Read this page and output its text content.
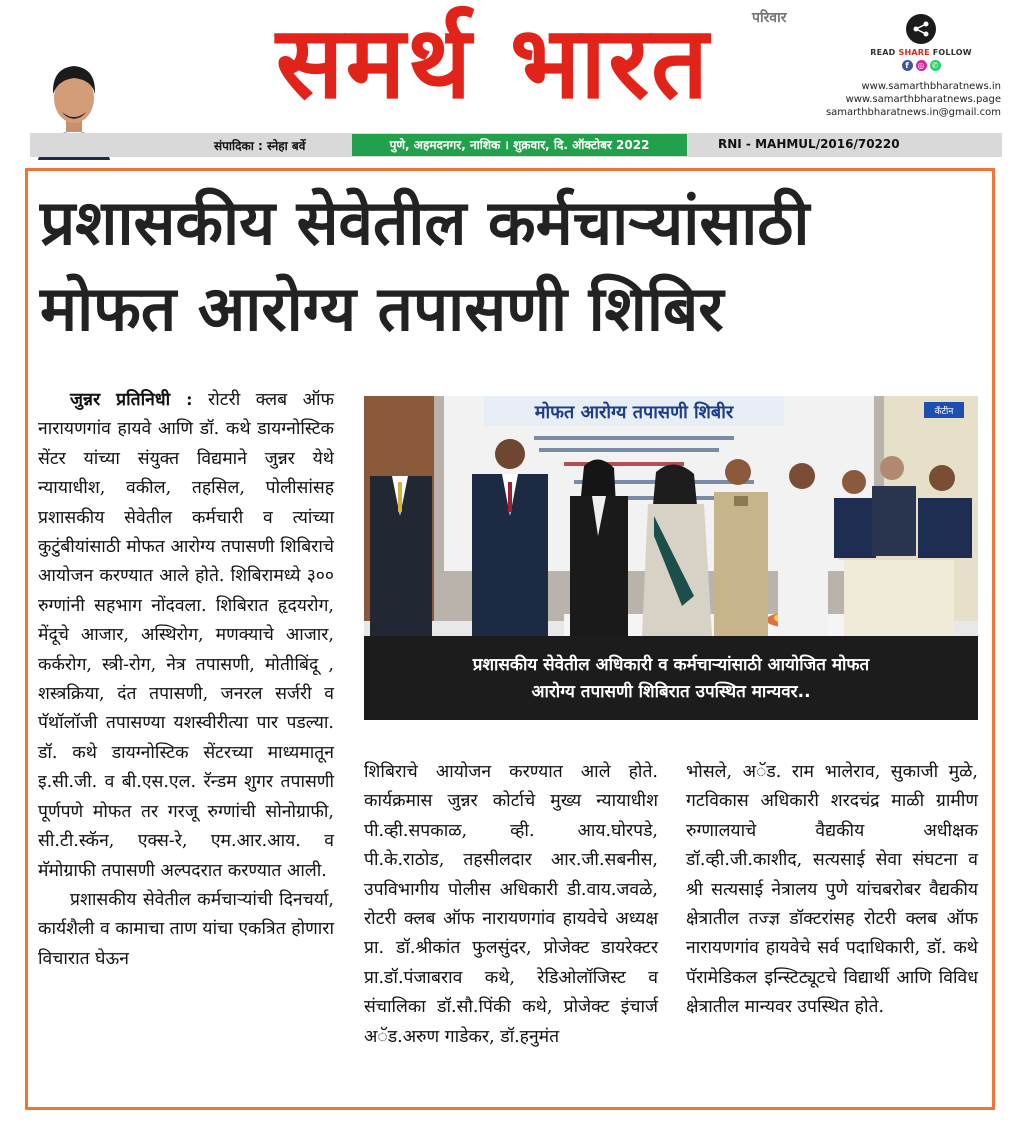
समर्थ भारत	परिवार
READ SHARE FOLLOW
f	◎ ✆
www.samarthbharatnews.in
www.samarthbharatnews.page
samarthbharatnews.in@gmail.com
संपादिका : स्नेहा बर्वे	पुणे, अहमदनगर, नाशिक । शुक्रवार, दि. ऑक्टोबर 2022	RNI - MAHMUL/2016/70220
प्रशासकीय सेवेतील कर्मचाऱ्यांसाठी
मोफत आरोग्य तपासणी शिबिर

जुन्नर प्रतिनिधी : रोटरी क्लब ऑफ नारायणगांव हायवे आणि डॉ. कथे डायग्नोस्टिक सेंटर यांच्या संयुक्त विद्यमाने जुन्नर येथे न्यायाधीश, वकील, तहसिल, पोलीसांसह प्रशासकीय सेवेतील कर्मचारी व त्यांच्या कुटुंबीयांसाठी मोफत आरोग्य तपासणी शिबिराचे आयोजन करण्यात आले होते. शिबिरामध्ये ३०० रुग्णांनी सहभाग नोंदवला. शिबिरात हृदयरोग, मेंदूचे आजार, अस्थिरोग, मणक्याचे आजार, कर्करोग, स्त्री-रोग, नेत्र तपासणी, मोतीबिंदू , शस्त्रक्रिया, दंत तपासणी, जनरल सर्जरी व पॅथॉलॉजी तपासण्या यशस्वीरीत्या पार पडल्या. डॉ. कथे डायग्नोस्टिक सेंटरच्या माध्यमातून इ.सी.जी. व बी.एस.एल. रॅन्डम शुगर तपासणी पूर्णपणे मोफत तर गरजू रुग्णांची सोनोग्राफी, सी.टी.स्कॅन, एक्स-रे, एम.आर.आय. व मॅमोग्राफी तपासणी अल्पदरात करण्यात आली.

प्रशासकीय सेवेतील कर्मचाऱ्यांची दिनचर्या, कार्यशैली व कामाचा ताण यांचा एकत्रित होणारा विचारात घेऊन

कॅंटीन
मोफत आरोग्य तपासणी शिबीर
प्रशासकीय सेवेतील अधिकारी व कर्मचाऱ्यांसाठी आयोजित मोफत
आरोग्य तपासणी शिबिरात उपस्थित मान्यवर..

शिबिराचे आयोजन करण्यात आले होते. कार्यक्रमास जुन्नर कोर्टाचे मुख्य न्यायाधीश पी.व्ही.सपकाळ, व्ही. आय.घोरपडे, पी.के.राठोड, तहसीलदार आर.जी.सबनीस, उपविभागीय पोलीस अधिकारी डी.वाय.जवळे, रोटरी क्लब ऑफ नारायणगांव हायवेचे अध्यक्ष प्रा. डॉ.श्रीकांत फुलसुंदर, प्रोजेक्ट डायरेक्टर प्रा.डॉ.पंजाबराव कथे, रेडिओलॉजिस्ट व संचालिका डॉ.सौ.पिंकी कथे, प्रोजेक्ट इंचार्ज अॅड.अरुण गाडेकर, डॉ.हनुमंत

भोसले, अॅड. राम भालेराव, सुकाजी मुळे, गटविकास अधिकारी शरदचंद्र माळी ग्रामीण रुग्णालयाचे वैद्यकीय अधीक्षक डॉ.व्ही.जी.काशीद, सत्यसाई सेवा संघटना व श्री सत्यसाई नेत्रालय पुणे यांचबरोबर वैद्यकीय क्षेत्रातील तज्ज्ञ डॉक्टरांसह रोटरी क्लब ऑफ नारायणगांव हायवेचे सर्व पदाधिकारी, डॉ. कथे पॅरामेडिकल इन्स्टिट्यूटचे विद्यार्थी आणि विविध क्षेत्रातील मान्यवर उपस्थित होते.
